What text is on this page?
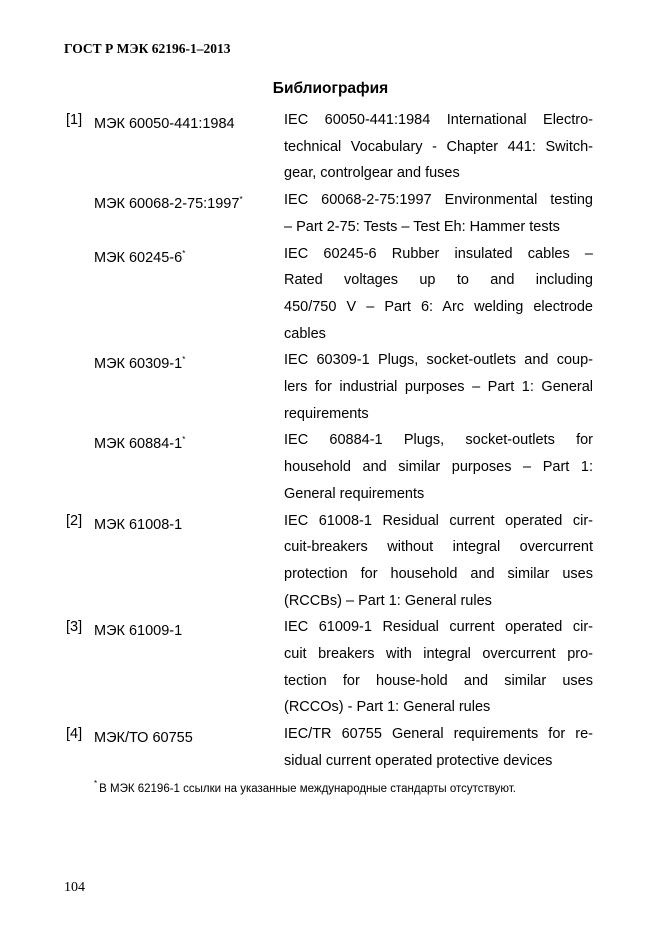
ГОСТ Р МЭК 62196-1–2013
Библиография
[1] МЭК 60050-441:1984	IEC 60050-441:1984 International Electro-
technical Vocabulary - Chapter 441: Switch-
gear, controlgear and fuses
МЭК 60068-2-75:1997*	IEC 60068-2-75:1997 Environmental testing
– Part 2-75: Tests – Test Eh: Hammer tests
МЭК 60245-6*	IEC 60245-6 Rubber insulated cables –
Rated voltages up to and including
450/750 V – Part 6: Arc welding electrode
cables
МЭК 60309-1*	IEC 60309-1 Plugs, socket-outlets and coup-
lers for industrial purposes – Part 1: General
requirements
МЭК 60884-1*	IEC 60884-1 Plugs, socket-outlets for
household and similar purposes – Part 1:
General requirements
[2] МЭК 61008-1	IEC 61008-1 Residual current operated cir-
cuit-breakers without integral overcurrent
protection for household and similar uses
(RCCBs) – Part 1: General rules
[3] МЭК 61009-1	IEC 61009-1 Residual current operated cir-
cuit breakers with integral overcurrent pro-
tection for house-hold and similar uses
(RCCOs) - Part 1: General rules
[4] МЭК/ТО 60755	IEC/TR 60755 General requirements for re-
sidual current operated protective devices
* В МЭК 62196-1 ссылки на указанные международные стандарты отсутствуют.
104
